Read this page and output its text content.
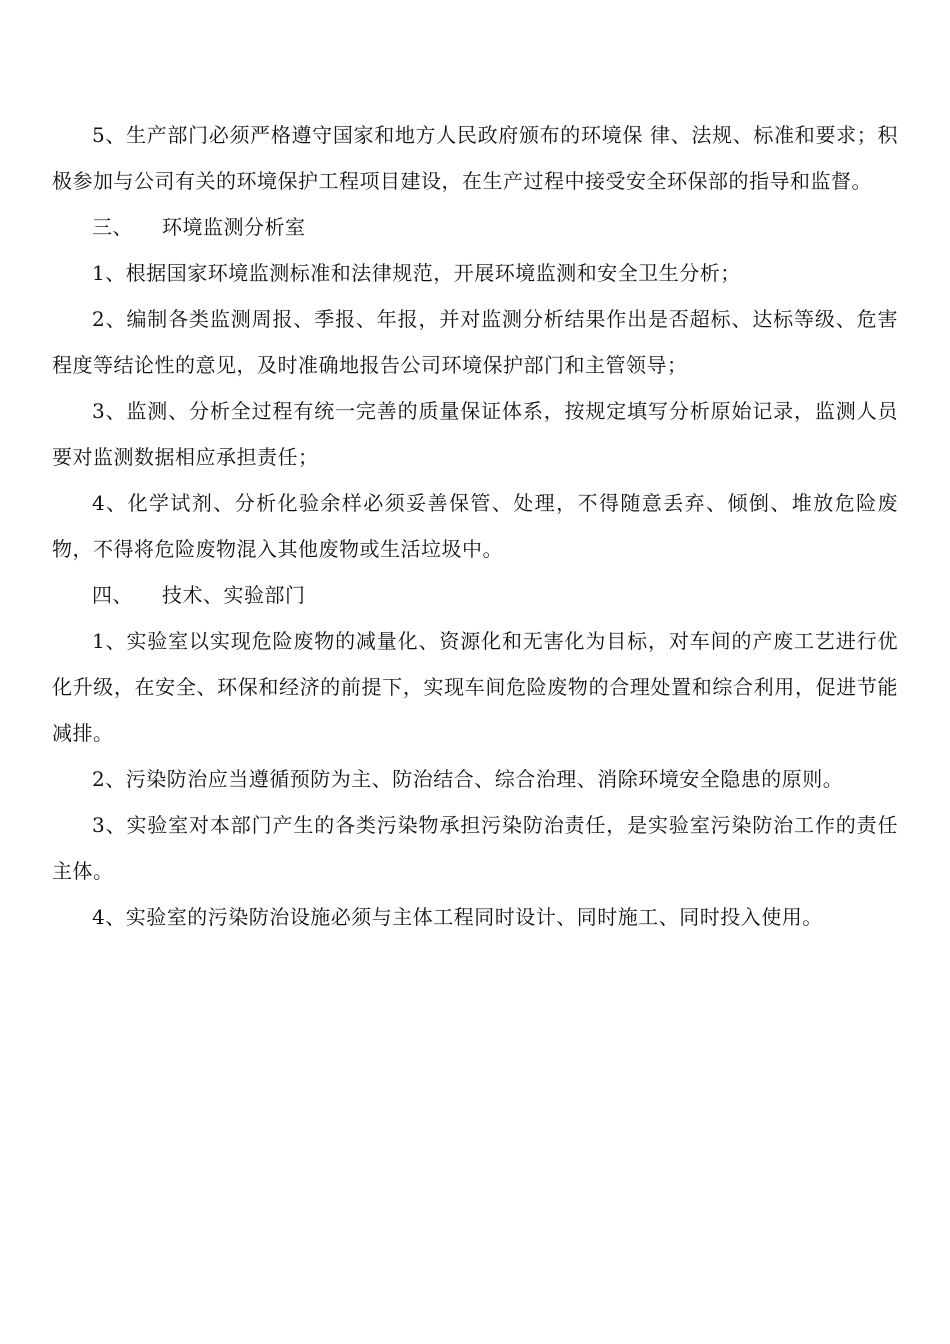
5、生产部门必须严格遵守国家和地方人民政府颁布的环境保 律、法规、标准和要求；积极参加与公司有关的环境保护工程项目建设，在生产过程中接受安全环保部的指导和监督。

三、 环境监测分析室

1、根据国家环境监测标准和法律规范，开展环境监测和安全卫生分析；

2、编制各类监测周报、季报、年报，并对监测分析结果作出是否超标、达标等级、危害程度等结论性的意见，及时准确地报告公司环境保护部门和主管领导；

3、监测、分析全过程有统一完善的质量保证体系，按规定填写分析原始记录，监测人员要对监测数据相应承担责任；

4、化学试剂、分析化验余样必须妥善保管、处理，不得随意丢弃、倾倒、堆放危险废物，不得将危险废物混入其他废物或生活垃圾中。

四、 技术、实验部门

1、实验室以实现危险废物的减量化、资源化和无害化为目标，对车间的产废工艺进行优化升级，在安全、环保和经济的前提下，实现车间危险废物的合理处置和综合利用，促进节能减排。

2、污染防治应当遵循预防为主、防治结合、综合治理、消除环境安全隐患的原则。

3、实验室对本部门产生的各类污染物承担污染防治责任，是实验室污染防治工作的责任主体。

4、实验室的污染防治设施必须与主体工程同时设计、同时施工、同时投入使用。
